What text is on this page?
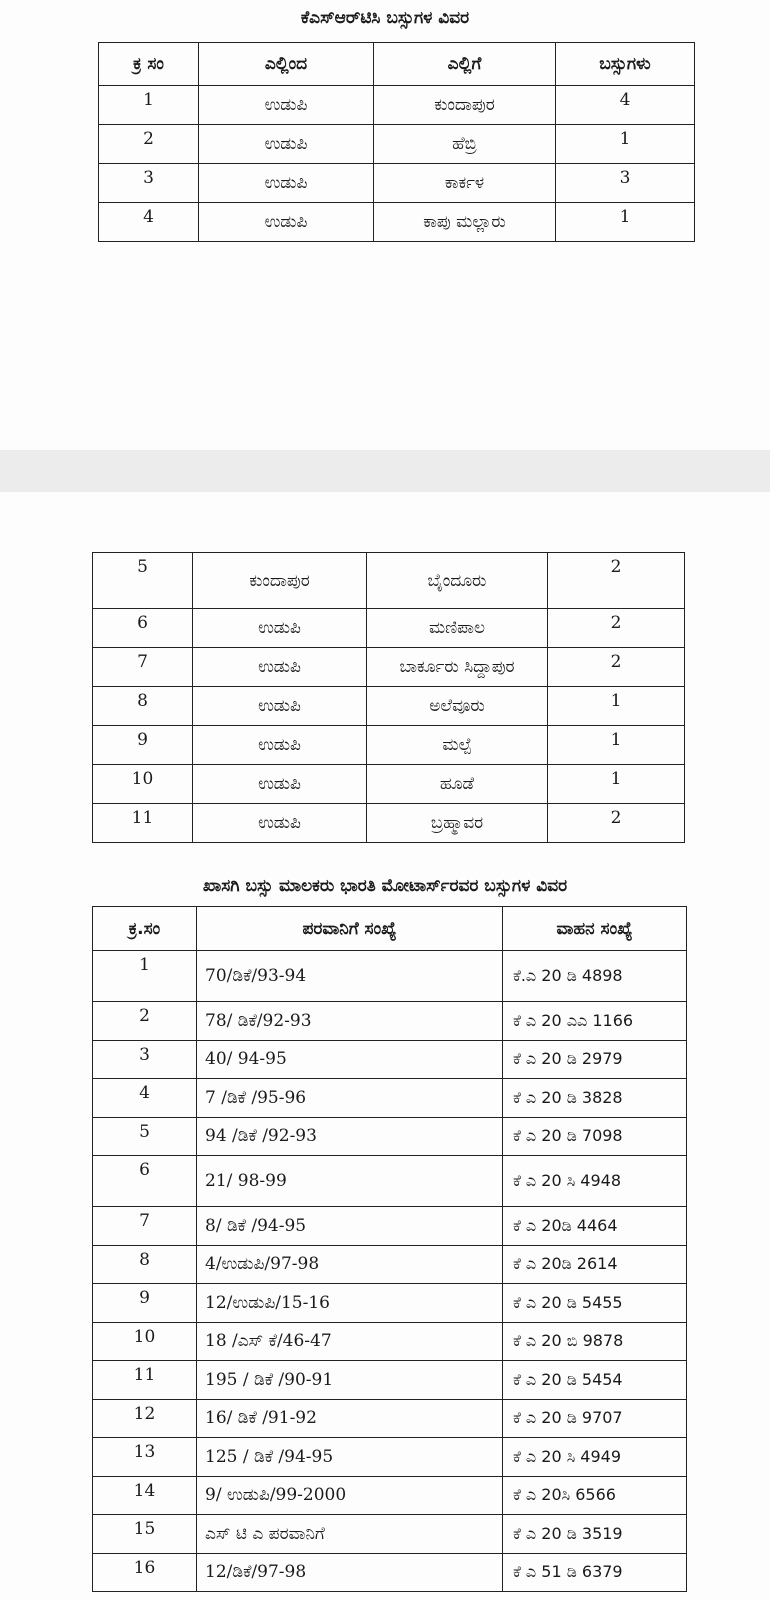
ಕೆಎಸ್ಆರ್‌ಟಿಸಿ ಬಸ್ಸುಗಳ ವಿವರ
ಕ್ರ ಸಂ	ಎಲ್ಲಿಂದ	ಎಲ್ಲಿಗೆ	ಬಸ್ಸುಗಳು
1	ಉಡುಪಿ	ಕುಂದಾಪುರ	4
2	ಉಡುಪಿ	ಹೆಬ್ರಿ	1
3	ಉಡುಪಿ	ಕಾರ್ಕಳ	3
4	ಉಡುಪಿ	ಕಾಪು ಮಲ್ಲಾರು	1
5	ಕುಂದಾಪುರ	ಬೈಂದೂರು	2
6	ಉಡುಪಿ	ಮಣಿಪಾಲ	2
7	ಉಡುಪಿ	ಬಾರ್ಕೂರು ಸಿದ್ದಾಪುರ	2
8	ಉಡುಪಿ	ಅಲೆವೂರು	1
9	ಉಡುಪಿ	ಮಲ್ಪೆ	1
10	ಉಡುಪಿ	ಹೂಡೆ	1
11	ಉಡುಪಿ	ಬ್ರಹ್ಮಾವರ	2
ಖಾಸಗಿ ಬಸ್ಸು ಮಾಲಕರು ಭಾರತಿ ಮೋಟಾರ್ಸ್‌ರವರ ಬಸ್ಸುಗಳ ವಿವರ
ಕ್ರ.ಸಂ	ಪರವಾನಿಗೆ ಸಂಖ್ಯೆ	ವಾಹನ ಸಂಖ್ಯೆ
1	70/ಡಿಕೆ/93-94	ಕೆ.ಎ 20 ಡಿ 4898
2	78/ ಡಿಕೆ/92-93	ಕೆ ಎ 20 ಎಎ 1166
3	40/ 94-95	ಕೆ ಎ 20 ಡಿ 2979
4	7 /ಡಿಕೆ /95-96	ಕೆ ಎ 20 ಡಿ 3828
5	94 /ಡಿಕೆ /92-93	ಕೆ ಎ 20 ಡಿ 7098
6	21/ 98-99	ಕೆ ಎ 20 ಸಿ 4948
7	8/ ಡಿಕೆ /94-95	ಕೆ ಎ 20ಡಿ 4464
8	4/ಉಡುಪಿ/97-98	ಕೆ ಎ 20ಡಿ 2614
9	12/ಉಡುಪಿ/15-16	ಕೆ ಎ 20 ಡಿ 5455
10	18 /ಎಸ್ ಕೆ/46-47	ಕೆ ಎ 20 ಬಿ 9878
11	195 / ಡಿಕೆ /90-91	ಕೆ ಎ 20 ಡಿ 5454
12	16/ ಡಿಕೆ /91-92	ಕೆ ಎ 20 ಡಿ 9707
13	125 / ಡಿಕೆ /94-95	ಕೆ ಎ 20 ಸಿ 4949
14	9/ ಉಡುಪಿ/99-2000	ಕೆ ಎ 20ಸಿ 6566
15	ಎಸ್ ಟಿ ಎ ಪರವಾನಿಗೆ	ಕೆ ಎ 20 ಡಿ 3519
16	12/ಡಿಕೆ/97-98	ಕೆ ಎ 51 ಡಿ 6379
